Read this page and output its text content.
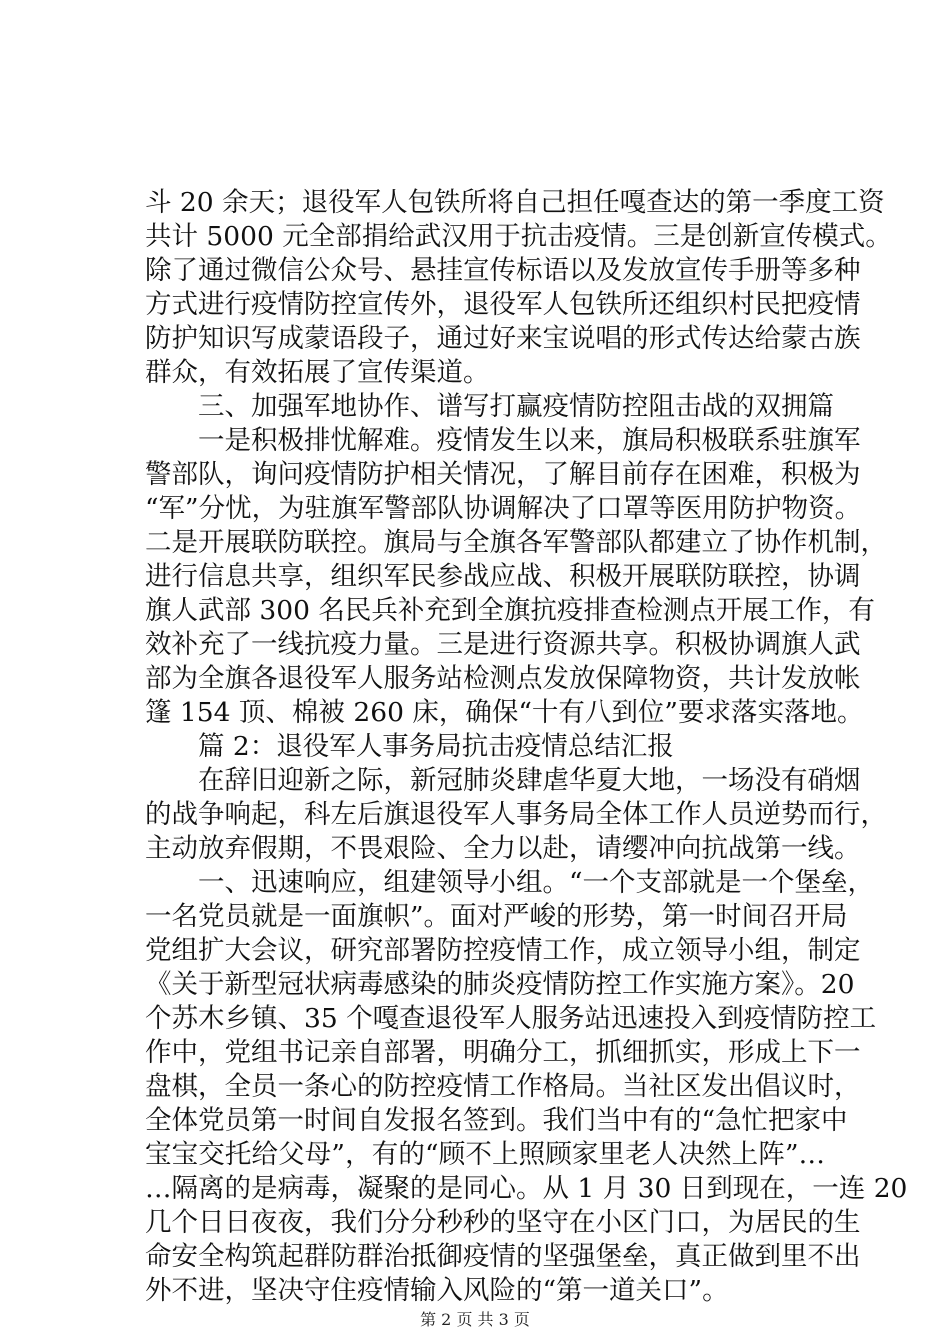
斗 20 余天；退役军人包铁所将自己担任嘎查达的第一季度工资
共计 5000 元全部捐给武汉用于抗击疫情。三是创新宣传模式。
除了通过微信公众号、悬挂宣传标语以及发放宣传手册等多种
方式进行疫情防控宣传外，退役军人包铁所还组织村民把疫情
防护知识写成蒙语段子，通过好来宝说唱的形式传达给蒙古族
群众，有效拓展了宣传渠道。
三、加强军地协作、谱写打赢疫情防控阻击战的双拥篇
一是积极排忧解难。疫情发生以来，旗局积极联系驻旗军
警部队，询问疫情防护相关情况，了解目前存在困难，积极为
“军”分忧，为驻旗军警部队协调解决了口罩等医用防护物资。
二是开展联防联控。旗局与全旗各军警部队都建立了协作机制，
进行信息共享，组织军民参战应战、积极开展联防联控，协调
旗人武部 300 名民兵补充到全旗抗疫排查检测点开展工作，有
效补充了一线抗疫力量。三是进行资源共享。积极协调旗人武
部为全旗各退役军人服务站检测点发放保障物资，共计发放帐
篷 154 顶、棉被 260 床，确保“十有八到位”要求落实落地。
篇 2：退役军人事务局抗击疫情总结汇报
在辞旧迎新之际，新冠肺炎肆虐华夏大地，一场没有硝烟
的战争响起，科左后旗退役军人事务局全体工作人员逆势而行，
主动放弃假期，不畏艰险、全力以赴，请缨冲向抗战第一线。
一、迅速响应，组建领导小组。“一个支部就是一个堡垒，
一名党员就是一面旗帜”。面对严峻的形势，第一时间召开局
党组扩大会议，研究部署防控疫情工作，成立领导小组，制定
《关于新型冠状病毒感染的肺炎疫情防控工作实施方案》。20
个苏木乡镇、35 个嘎查退役军人服务站迅速投入到疫情防控工
作中，党组书记亲自部署，明确分工，抓细抓实，形成上下一
盘棋，全员一条心的防控疫情工作格局。当社区发出倡议时，
全体党员第一时间自发报名签到。我们当中有的“急忙把家中
宝宝交托给父母”，有的“顾不上照顾家里老人决然上阵”…
…隔离的是病毒，凝聚的是同心。从 1 月 30 日到现在，一连 20
几个日日夜夜，我们分分秒秒的坚守在小区门口，为居民的生
命安全构筑起群防群治抵御疫情的坚强堡垒，真正做到里不出
外不进，坚决守住疫情输入风险的“第一道关口”。
第 2 页 共 3 页
